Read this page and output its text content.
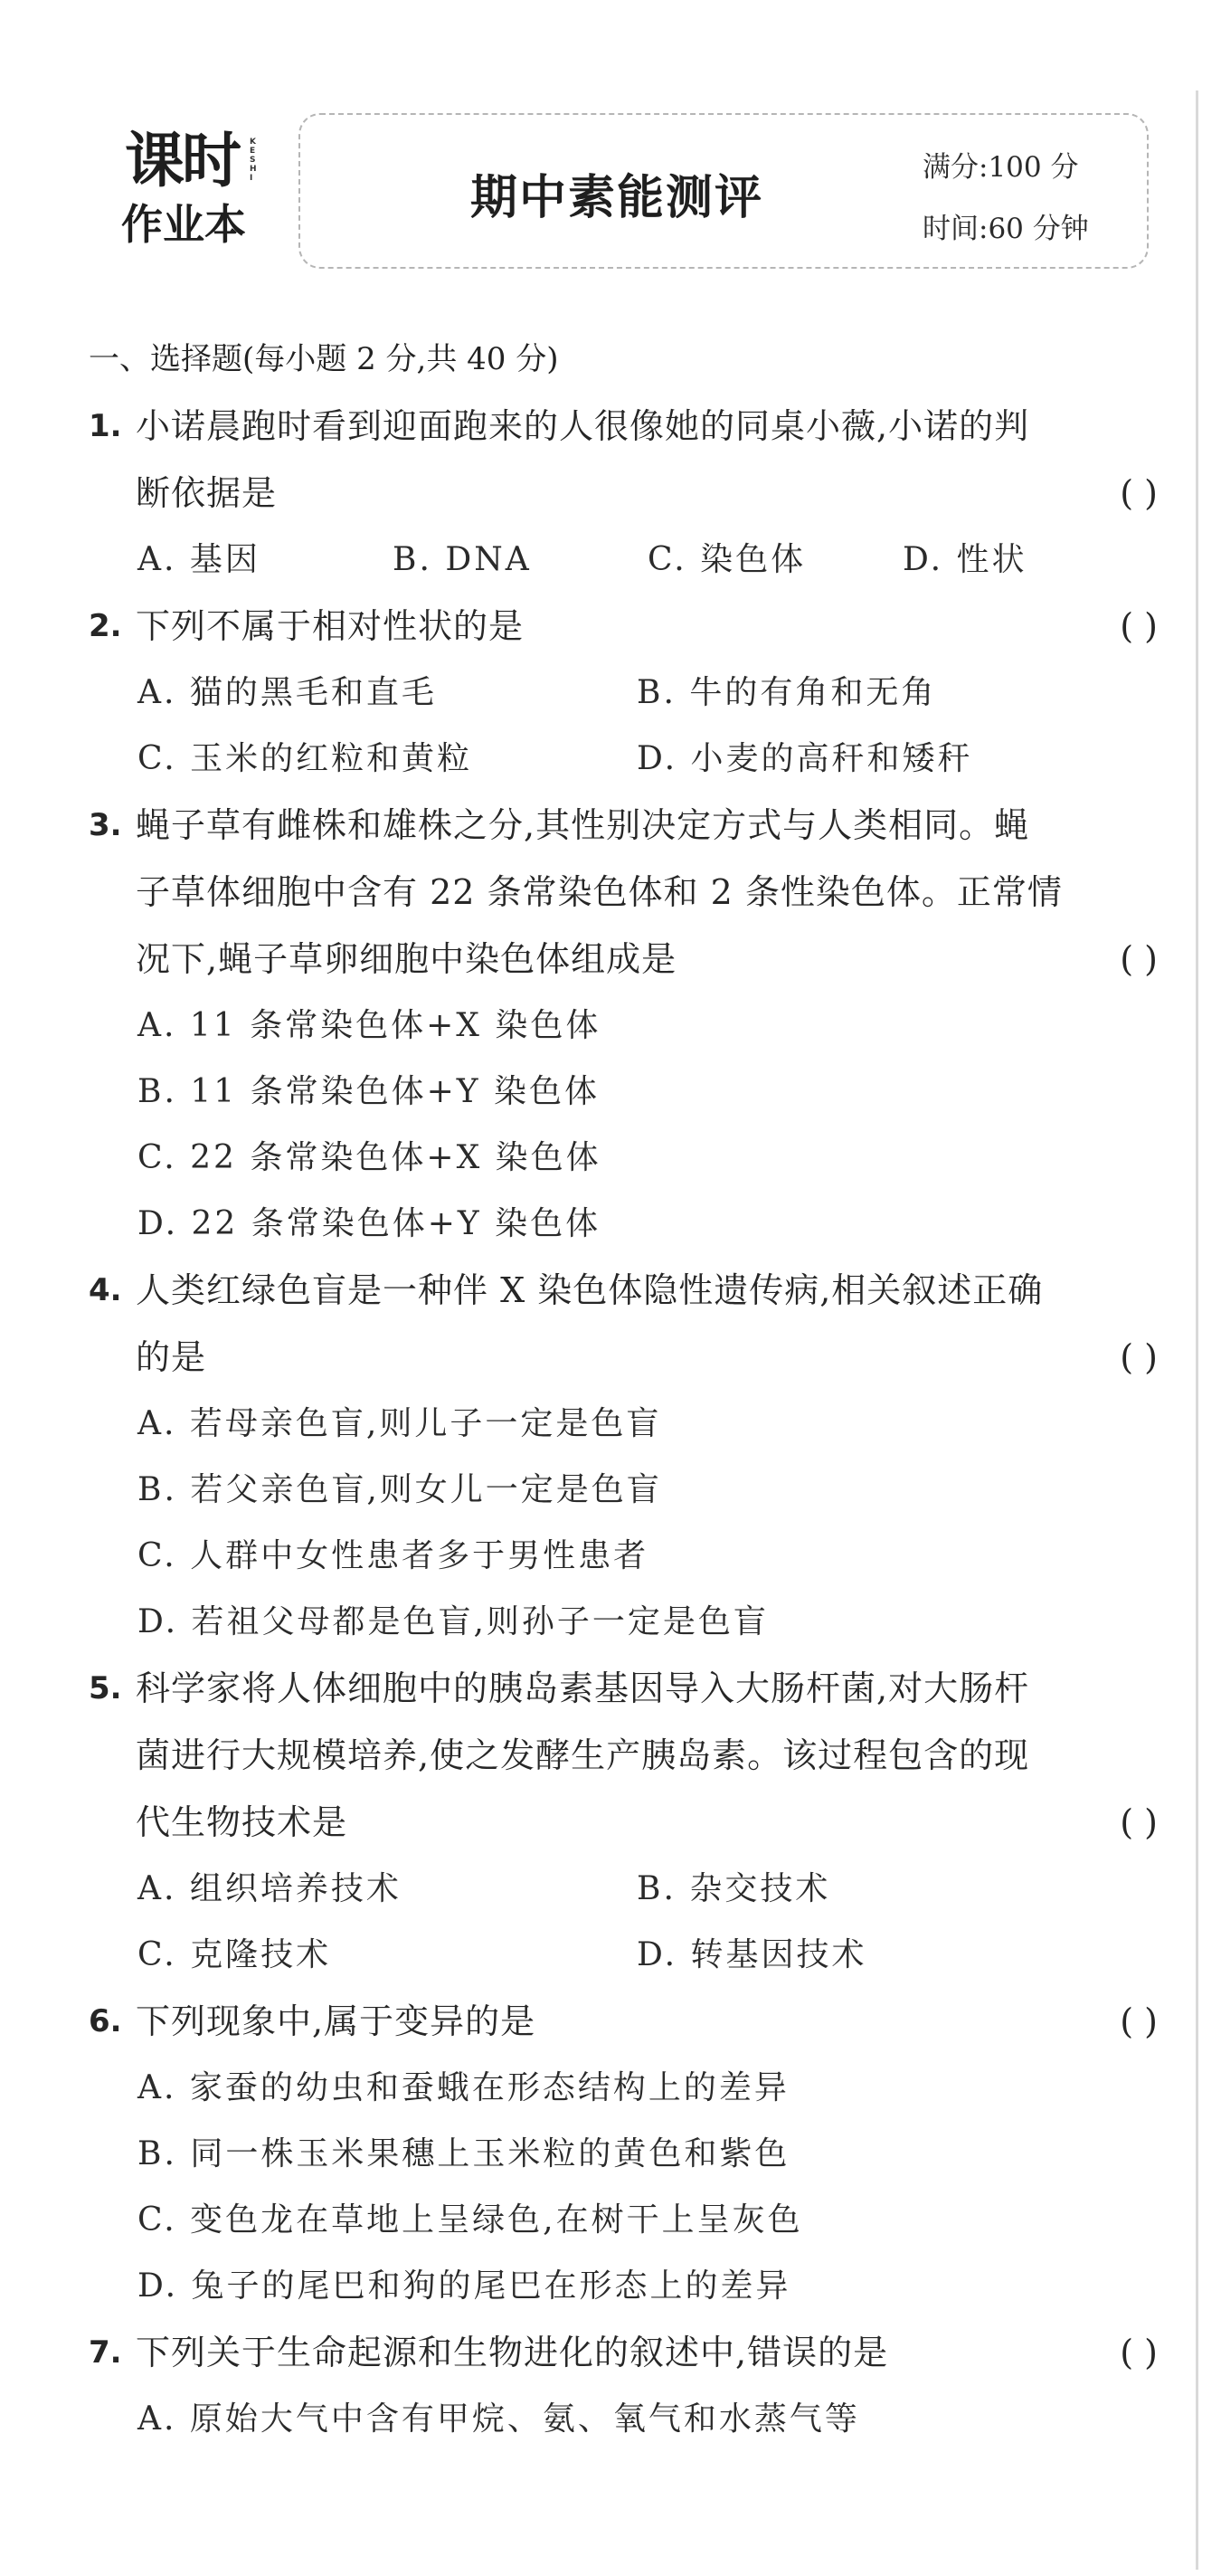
课时 KESHI
作业本	期中素能测评
满分:100 分
时间:60 分钟
一、选择题(每小题 2 分,共 40 分)
1. 小诺晨跑时看到迎面跑来的人很像她的同桌小薇,小诺的判
断依据是	( )
A. 基因	B. DNA	C. 染色体	D. 性状
2. 下列不属于相对性状的是	( )
A. 猫的黑毛和直毛	B. 牛的有角和无角
C. 玉米的红粒和黄粒	D. 小麦的高秆和矮秆
3. 蝇子草有雌株和雄株之分,其性别决定方式与人类相同。蝇
子草体细胞中含有 22 条常染色体和 2 条性染色体。正常情
况下,蝇子草卵细胞中染色体组成是	( )
A. 11 条常染色体+X 染色体
B. 11 条常染色体+Y 染色体
C. 22 条常染色体+X 染色体
D. 22 条常染色体+Y 染色体
4. 人类红绿色盲是一种伴 X 染色体隐性遗传病,相关叙述正确
的是	( )
A. 若母亲色盲,则儿子一定是色盲
B. 若父亲色盲,则女儿一定是色盲
C. 人群中女性患者多于男性患者
D. 若祖父母都是色盲,则孙子一定是色盲
5. 科学家将人体细胞中的胰岛素基因导入大肠杆菌,对大肠杆
菌进行大规模培养,使之发酵生产胰岛素。该过程包含的现
代生物技术是	( )
A. 组织培养技术	B. 杂交技术
C. 克隆技术	D. 转基因技术
6. 下列现象中,属于变异的是	( )
A. 家蚕的幼虫和蚕蛾在形态结构上的差异
B. 同一株玉米果穗上玉米粒的黄色和紫色
C. 变色龙在草地上呈绿色,在树干上呈灰色
D. 兔子的尾巴和狗的尾巴在形态上的差异
7. 下列关于生命起源和生物进化的叙述中,错误的是	( )
A. 原始大气中含有甲烷、氨、氧气和水蒸气等
